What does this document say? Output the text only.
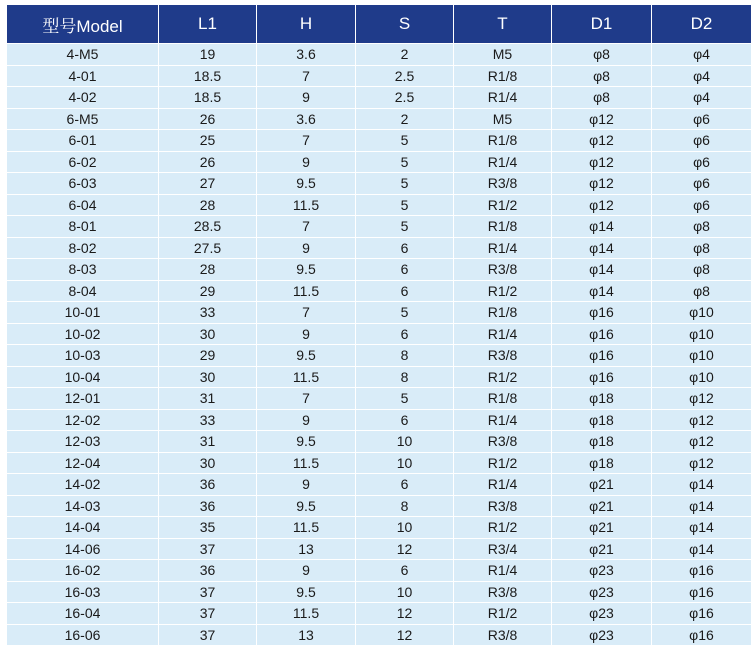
型号Model	L1	H	S	T	D1	D2
4-M5	19	3.6	2	M5	φ8	φ4
4-01	18.5	7	2.5	R1/8	φ8	φ4
4-02	18.5	9	2.5	R1/4	φ8	φ4
6-M5	26	3.6	2	M5	φ12	φ6
6-01	25	7	5	R1/8	φ12	φ6
6-02	26	9	5	R1/4	φ12	φ6
6-03	27	9.5	5	R3/8	φ12	φ6
6-04	28	11.5	5	R1/2	φ12	φ6
8-01	28.5	7	5	R1/8	φ14	φ8
8-02	27.5	9	6	R1/4	φ14	φ8
8-03	28	9.5	6	R3/8	φ14	φ8
8-04	29	11.5	6	R1/2	φ14	φ8
10-01	33	7	5	R1/8	φ16	φ10
10-02	30	9	6	R1/4	φ16	φ10
10-03	29	9.5	8	R3/8	φ16	φ10
10-04	30	11.5	8	R1/2	φ16	φ10
12-01	31	7	5	R1/8	φ18	φ12
12-02	33	9	6	R1/4	φ18	φ12
12-03	31	9.5	10	R3/8	φ18	φ12
12-04	30	11.5	10	R1/2	φ18	φ12
14-02	36	9	6	R1/4	φ21	φ14
14-03	36	9.5	8	R3/8	φ21	φ14
14-04	35	11.5	10	R1/2	φ21	φ14
14-06	37	13	12	R3/4	φ21	φ14
16-02	36	9	6	R1/4	φ23	φ16
16-03	37	9.5	10	R3/8	φ23	φ16
16-04	37	11.5	12	R1/2	φ23	φ16
16-06	37	13	12	R3/8	φ23	φ16
